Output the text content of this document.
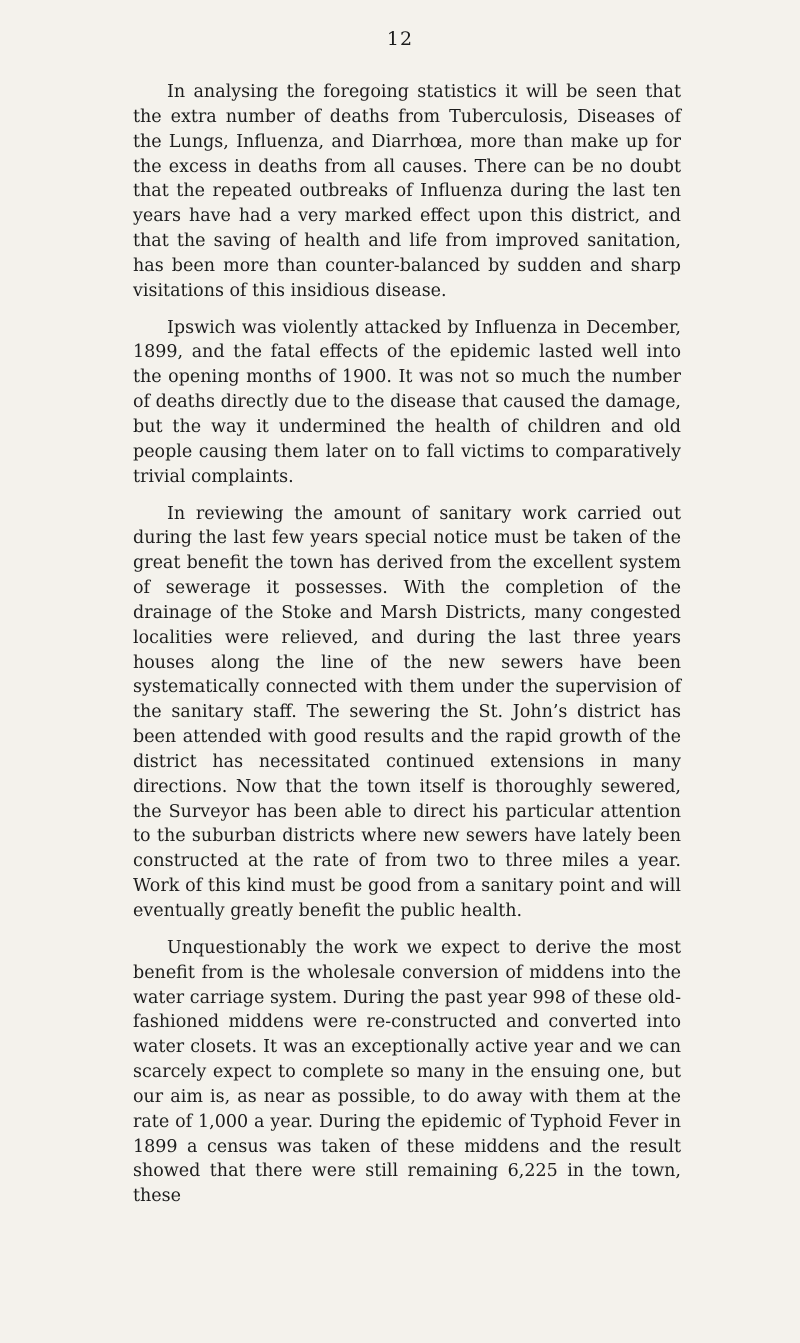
12

In analysing the foregoing statistics it will be seen that the extra number of deaths from Tuberculosis, Diseases of the Lungs, Influenza, and Diarrhœa, more than make up for the excess in deaths from all causes. There can be no doubt that the repeated outbreaks of Influenza during the last ten years have had a very marked effect upon this district, and that the saving of health and life from improved sanitation, has been more than counter-balanced by sudden and sharp visitations of this insidious disease.

Ipswich was violently attacked by Influenza in December, 1899, and the fatal effects of the epidemic lasted well into the opening months of 1900. It was not so much the number of deaths directly due to the disease that caused the damage, but the way it undermined the health of children and old people causing them later on to fall victims to comparatively trivial complaints.

In reviewing the amount of sanitary work carried out during the last few years special notice must be taken of the great benefit the town has derived from the excellent system of sewerage it possesses. With the completion of the drainage of the Stoke and Marsh Districts, many congested localities were relieved, and during the last three years houses along the line of the new sewers have been systematically connected with them under the supervision of the sanitary staff. The sewering the St. John’s district has been attended with good results and the rapid growth of the district has necessitated continued extensions in many directions. Now that the town itself is thoroughly sewered, the Surveyor has been able to direct his particular attention to the suburban districts where new sewers have lately been constructed at the rate of from two to three miles a year. Work of this kind must be good from a sanitary point and will eventually greatly benefit the public health.

Unquestionably the work we expect to derive the most benefit from is the wholesale conversion of middens into the water carriage system. During the past year 998 of these old-fashioned middens were re-constructed and converted into water closets. It was an exceptionally active year and we can scarcely expect to complete so many in the ensuing one, but our aim is, as near as possible, to do away with them at the rate of 1,000 a year. During the epidemic of Typhoid Fever in 1899 a census was taken of these middens and the result showed that there were still remaining 6,225 in the town, these
